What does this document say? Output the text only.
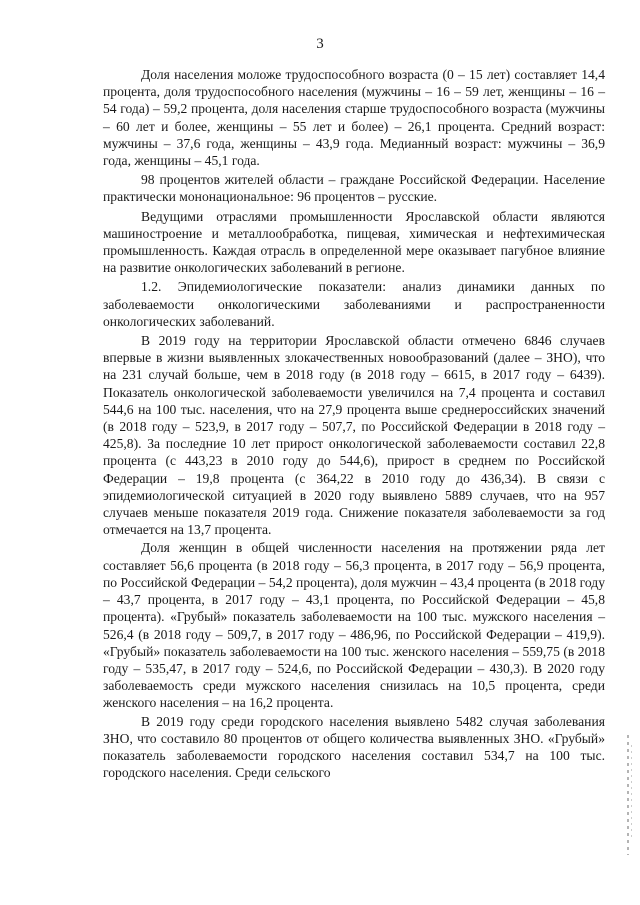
3

Доля населения моложе трудоспособного возраста (0 – 15 лет) составляет 14,4 процента, доля трудоспособного населения (мужчины – 16 – 59 лет, женщины – 16 – 54 года) – 59,2 процента, доля населения старше трудоспособного возраста (мужчины – 60 лет и более, женщины – 55 лет и более) – 26,1 процента. Средний возраст: мужчины – 37,6 года, женщины – 43,9 года. Медианный возраст: мужчины – 36,9 года, женщины – 45,1 года.

98 процентов жителей области – граждане Российской Федерации. Население практически мононациональное: 96 процентов – русские.

Ведущими отраслями промышленности Ярославской области являются машиностроение и металлообработка, пищевая, химическая и нефтехимическая промышленность. Каждая отрасль в определенной мере оказывает пагубное влияние на развитие онкологических заболеваний в регионе.

1.2. Эпидемиологические показатели: анализ динамики данных по заболеваемости онкологическими заболеваниями и распространенности онкологических заболеваний.

В 2019 году на территории Ярославской области отмечено 6846 случаев впервые в жизни выявленных злокачественных новообразований (далее – ЗНО), что на 231 случай больше, чем в 2018 году (в 2018 году – 6615, в 2017 году – 6439). Показатель онкологической заболеваемости увеличился на 7,4 процента и составил 544,6 на 100 тыс. населения, что на 27,9 процента выше среднероссийских значений (в 2018 году – 523,9, в 2017 году – 507,7, по Российской Федерации в 2018 году – 425,8). За последние 10 лет прирост онкологической заболеваемости составил 22,8 процента (с 443,23 в 2010 году до 544,6), прирост в среднем по Российской Федерации – 19,8 процента (с 364,22 в 2010 году до 436,34). В связи с эпидемиологической ситуацией в 2020 году выявлено 5889 случаев, что на 957 случаев меньше показателя 2019 года. Снижение показателя заболеваемости за год отмечается на 13,7 процента.

Доля женщин в общей численности населения на протяжении ряда лет составляет 56,6 процента (в 2018 году – 56,3 процента, в 2017 году – 56,9 процента, по Российской Федерации – 54,2 процента), доля мужчин – 43,4 процента (в 2018 году – 43,7 процента, в 2017 году – 43,1 процента, по Российской Федерации – 45,8 процента). «Грубый» показатель заболеваемости на 100 тыс. мужского населения – 526,4 (в 2018 году – 509,7, в 2017 году – 486,96, по Российской Федерации – 419,9). «Грубый» показатель заболеваемости на 100 тыс. женского населения – 559,75 (в 2018 году – 535,47, в 2017 году – 524,6, по Российской Федерации – 430,3). В 2020 году заболеваемость среди мужского населения снизилась на 10,5 процента, среди женского населения – на 16,2 процента.

В 2019 году среди городского населения выявлено 5482 случая заболевания ЗНО, что составило 80 процентов от общего количества выявленных ЗНО. «Грубый» показатель заболеваемости городского населения составил 534,7 на 100 тыс. городского населения. Среди сельского
